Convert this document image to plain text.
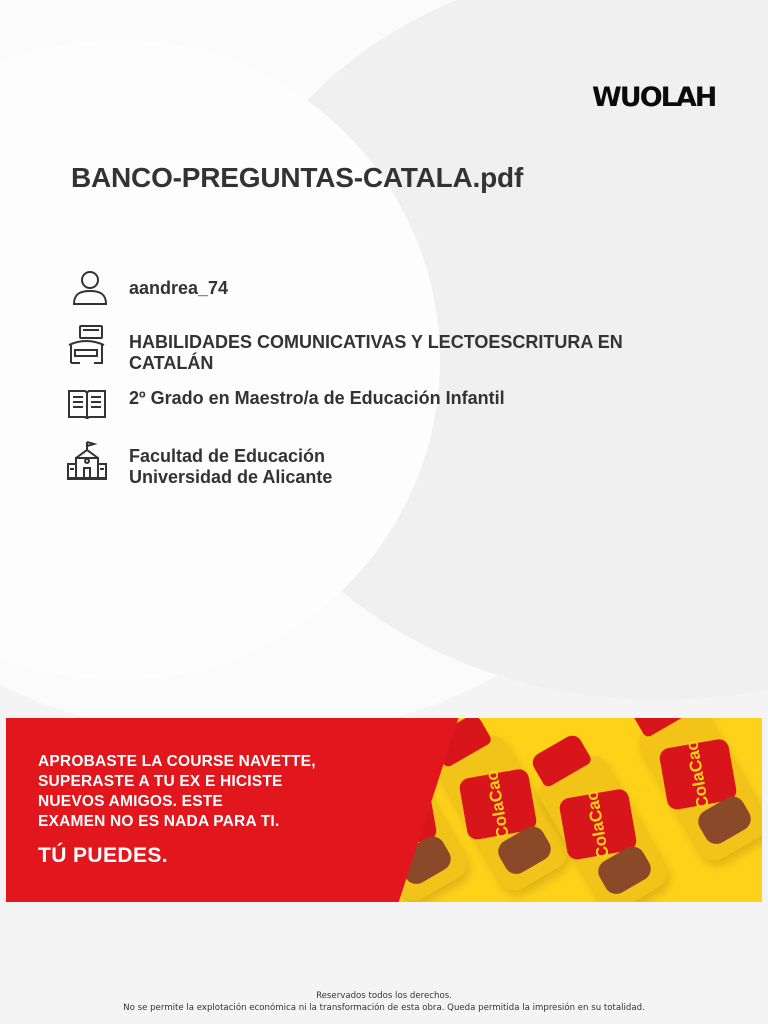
WUOLAH
BANCO-PREGUNTAS-CATALA.pdf
aandrea_74
HABILIDADES COMUNICATIVAS Y LECTOESCRITURA EN
CATALÁN
2º Grado en Maestro/a de Educación Infantil
Facultad de Educación
Universidad de Alicante
ColaCao	ColaCao
ColaCao
APROBASTE LA COURSE NAVETTE,
SUPERASTE A TU EX E HICISTE
NUEVOS AMIGOS. ESTE
EXAMEN NO ES NADA PARA TI.
TÚ PUEDES.
Reservados todos los derechos.
No se permite la explotación económica ni la transformación de esta obra. Queda permitida la impresión en su totalidad.
